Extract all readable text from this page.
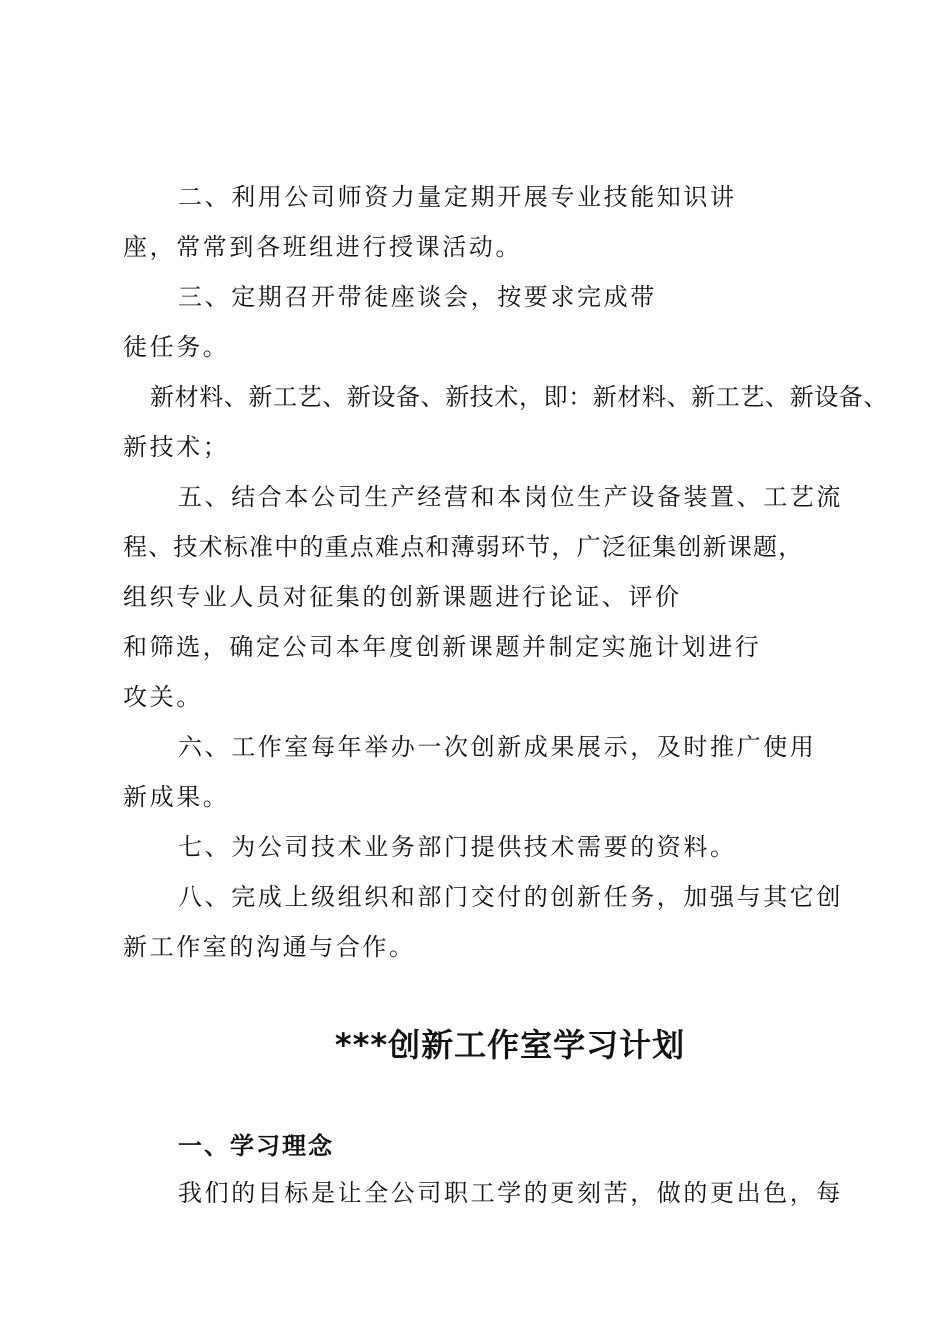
二、利用公司师资力量定期开展专业技能知识讲
座，常常到各班组进行授课活动。
三、定期召开带徒座谈会，按要求完成带
徒任务。
新材料、新工艺、新设备、新技术，即：新材料、新工艺、新设备、
新技术；
五、结合本公司生产经营和本岗位生产设备装置、工艺流
程、技术标准中的重点难点和薄弱环节，广泛征集创新课题，
组织专业人员对征集的创新课题进行论证、评价
和筛选，确定公司本年度创新课题并制定实施计划进行
攻关。
六、工作室每年举办一次创新成果展示，及时推广使用
新成果。
七、为公司技术业务部门提供技术需要的资料。
八、完成上级组织和部门交付的创新任务，加强与其它创
新工作室的沟通与合作。
***创新工作室学习计划
一、学习理念
我们的目标是让全公司职工学的更刻苦，做的更出色，每
